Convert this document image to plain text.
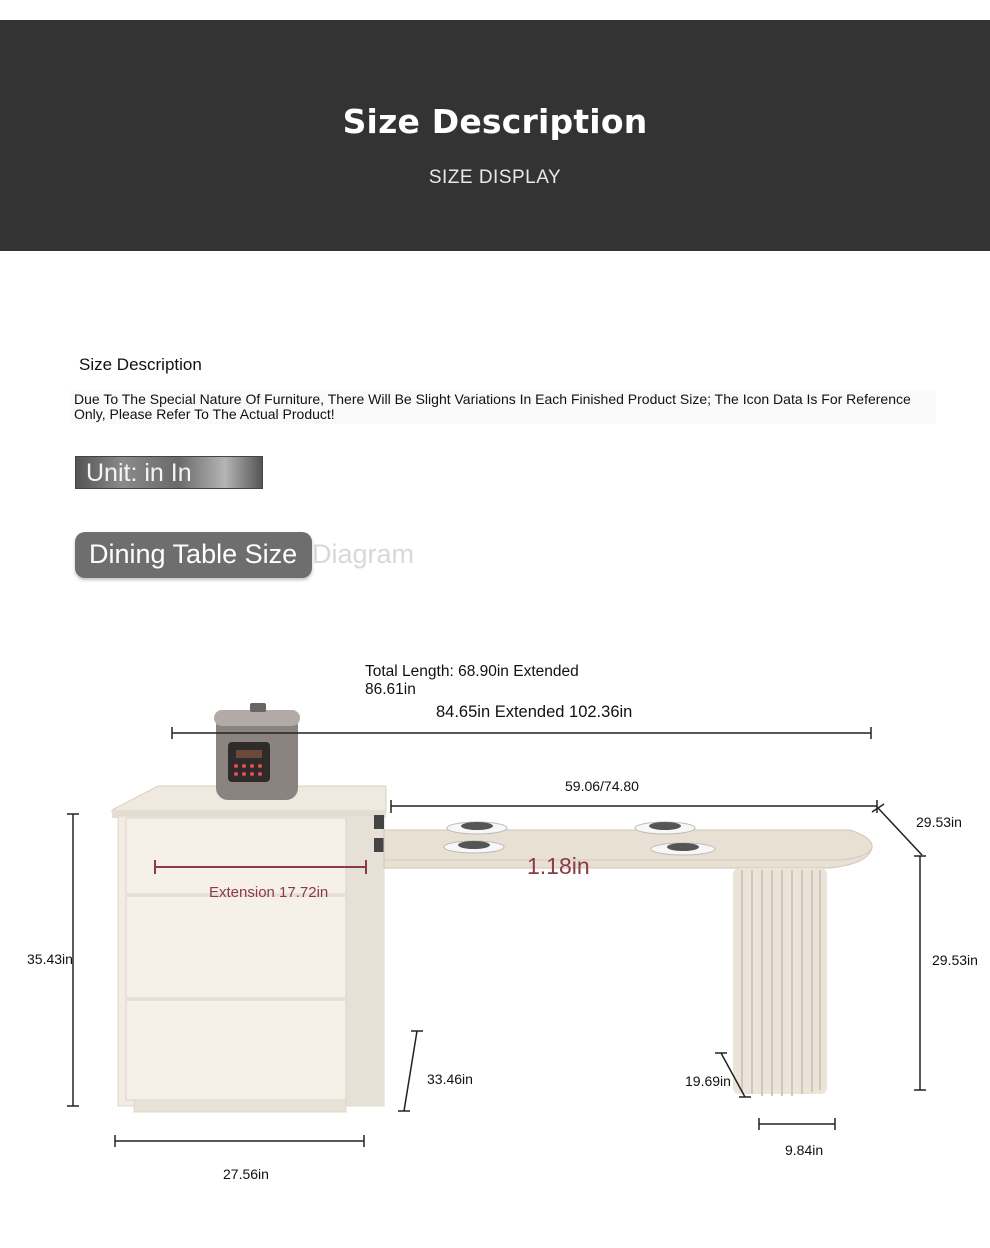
Size Description
SIZE DISPLAY
Size Description
Due To The Special Nature Of Furniture, There Will Be Slight Variations In Each Finished Product Size; The Icon Data Is For Reference Only, Please Refer To The Actual Product!
Unit: in In
Dining Table Size Diagram
Total Length: 68.90in Extended
86.61in
84.65in Extended 102.36in
59.06/74.80
29.53in
29.53in
Extension 17.72in
1.18in
35.43in
33.46in
27.56in
19.69in
9.84in
